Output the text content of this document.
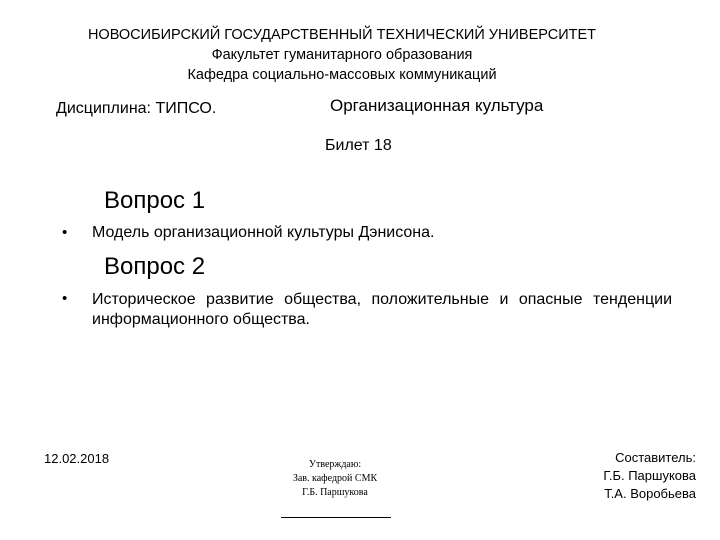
НОВОСИБИРСКИЙ ГОСУДАРСТВЕННЫЙ ТЕХНИЧЕСКИЙ УНИВЕРСИТЕТ
Факультет гуманитарного образования
Кафедра социально-массовых коммуникаций
Дисциплина: ТИПСО.	Организационная культура
Билет 18
Вопрос 1
• Модель организационной культуры Дэнисона.
Вопрос 2
• Историческое развитие общества, положительные и опасные тенденции информационного общества.
12.02.2018	Утверждаю:
Зав. кафедрой СМК
Г.Б. Паршукова
Составитель:
Г.Б. Паршукова
Т.А. Воробьева
